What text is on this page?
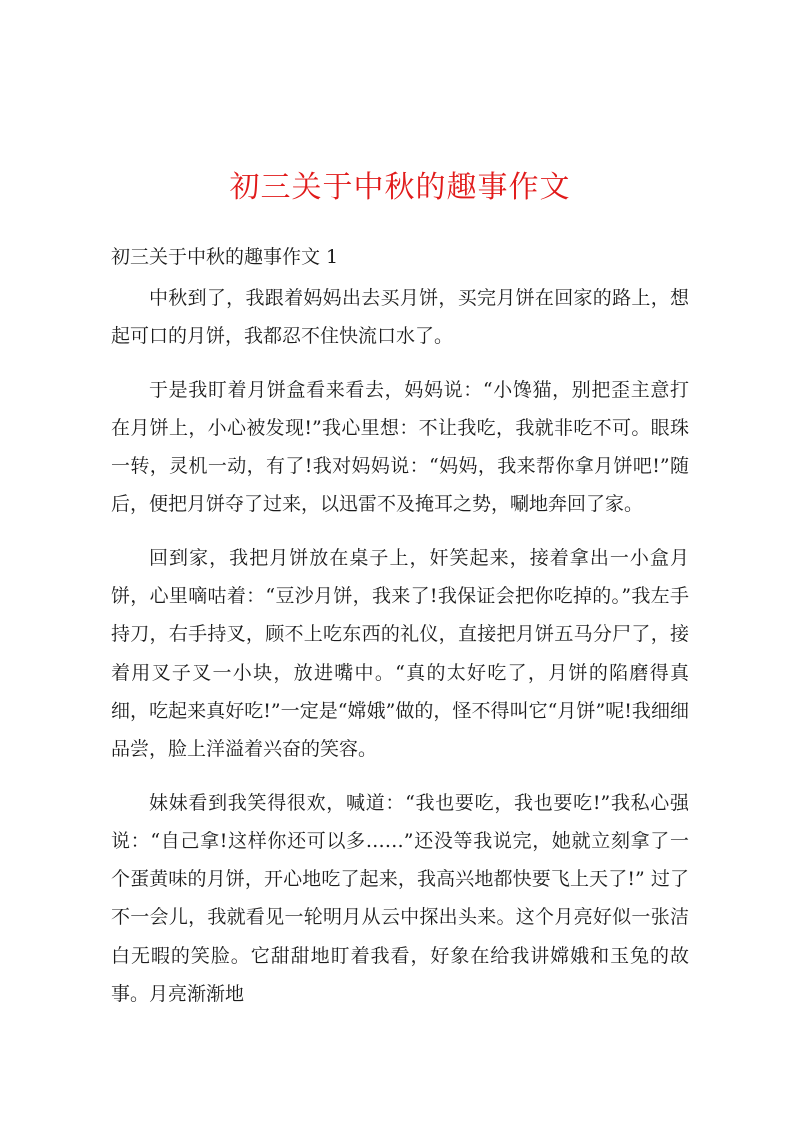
初三关于中秋的趣事作文
初三关于中秋的趣事作文 1

中秋到了，我跟着妈妈出去买月饼，买完月饼在回家的路上，想起可口的月饼，我都忍不住快流口水了。

于是我盯着月饼盒看来看去，妈妈说：“小馋猫，别把歪主意打在月饼上，小心被发现!”我心里想：不让我吃，我就非吃不可。眼珠一转，灵机一动，有了!我对妈妈说：“妈妈，我来帮你拿月饼吧!”随后，便把月饼夺了过来，以迅雷不及掩耳之势，唰地奔回了家。

回到家，我把月饼放在桌子上，奸笑起来，接着拿出一小盒月饼，心里嘀咕着：“豆沙月饼，我来了!我保证会把你吃掉的。”我左手持刀，右手持叉，顾不上吃东西的礼仪，直接把月饼五马分尸了，接着用叉子叉一小块，放进嘴中。“真的太好吃了，月饼的陷磨得真细，吃起来真好吃!”一定是“嫦娥”做的，怪不得叫它“月饼”呢!我细细品尝，脸上洋溢着兴奋的笑容。

妹妹看到我笑得很欢，喊道：“我也要吃，我也要吃!”我私心强说：“自己拿!这样你还可以多……”还没等我说完，她就立刻拿了一个蛋黄味的月饼，开心地吃了起来，我高兴地都快要飞上天了!” 过了不一会儿，我就看见一轮明月从云中探出头来。这个月亮好似一张洁白无暇的笑脸。它甜甜地盯着我看，好象在给我讲嫦娥和玉兔的故事。月亮渐渐地
